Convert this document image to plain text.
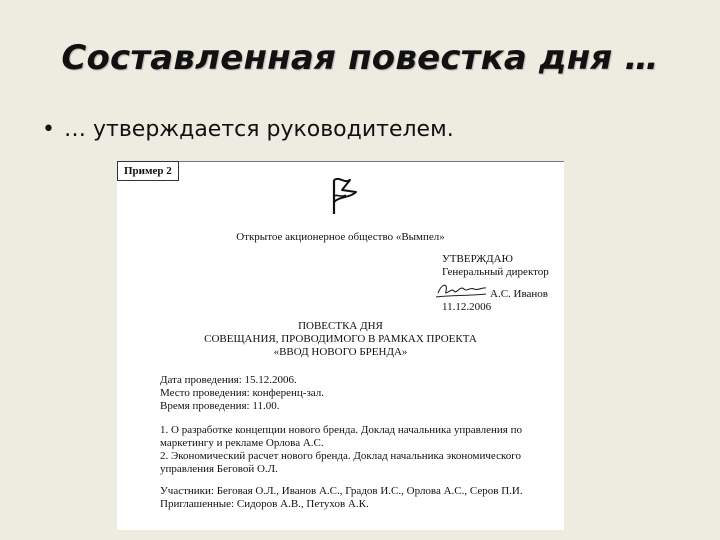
Составленная повестка дня …
• … утверждается руководителем.
Пример 2
Открытое акционерное общество «Вымпел»
УТВЕРЖДАЮ
Генеральный директор
А.С. Иванов
11.12.2006
ПОВЕСТКА ДНЯ
СОВЕЩАНИЯ, ПРОВОДИМОГО В РАМКАХ ПРОЕКТА
«ВВОД НОВОГО БРЕНДА»
Дата проведения: 15.12.2006.
Место проведения: конференц-зал.
Время проведения: 11.00.
1. О разработке концепции нового бренда. Доклад начальника управления по
маркетингу и рекламе Орлова А.С.
2. Экономический расчет нового бренда. Доклад начальника экономического
управления Беговой О.Л.
Участники: Беговая О.Л., Иванов А.С., Градов И.С., Орлова А.С., Серов П.И.
Приглашенные: Сидоров А.В., Петухов А.К.
